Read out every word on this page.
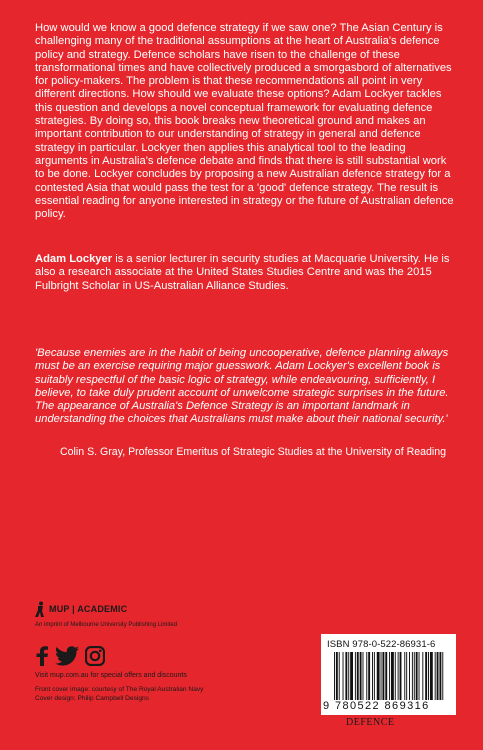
How would we know a good defence strategy if we saw one? The Asian Century is challenging many of the traditional assumptions at the heart of Australia's defence policy and strategy. Defence scholars have risen to the challenge of these transformational times and have collectively produced a smorgasbord of alternatives for policy-makers. The problem is that these recommendations all point in very different directions. How should we evaluate these options? Adam Lockyer tackles this question and develops a novel conceptual framework for evaluating defence strategies. By doing so, this book breaks new theoretical ground and makes an important contribution to our understanding of strategy in general and defence strategy in particular. Lockyer then applies this analytical tool to the leading arguments in Australia's defence debate and finds that there is still substantial work to be done. Lockyer concludes by proposing a new Australian defence strategy for a contested Asia that would pass the test for a 'good' defence strategy. The result is essential reading for anyone interested in strategy or the future of Australian defence policy.

Adam Lockyer is a senior lecturer in security studies at Macquarie University. He is also a research associate at the United States Studies Centre and was the 2015 Fulbright Scholar in US-Australian Alliance Studies.

'Because enemies are in the habit of being uncooperative, defence planning always must be an exercise requiring major guesswork. Adam Lockyer's excellent book is suitably respectful of the basic logic of strategy, while endeavouring, sufficiently, I believe, to take duly prudent account of unwelcome strategic surprises in the future. The appearance of Australia's Defence Strategy is an important landmark in understanding the choices that Australians must make about their national security.'

Colin S. Gray, Professor Emeritus of Strategic Studies at the University of Reading

MUP | ACADEMIC
An imprint of Melbourne University Publishing Limited
Visit mup.com.au for special offers and discounts
Front cover image: courtesy of The Royal Australian Navy
Cover design: Philip Campbell Designs
ISBN 978-0-522-86931-6
9 780522 869316
DEFENCE
